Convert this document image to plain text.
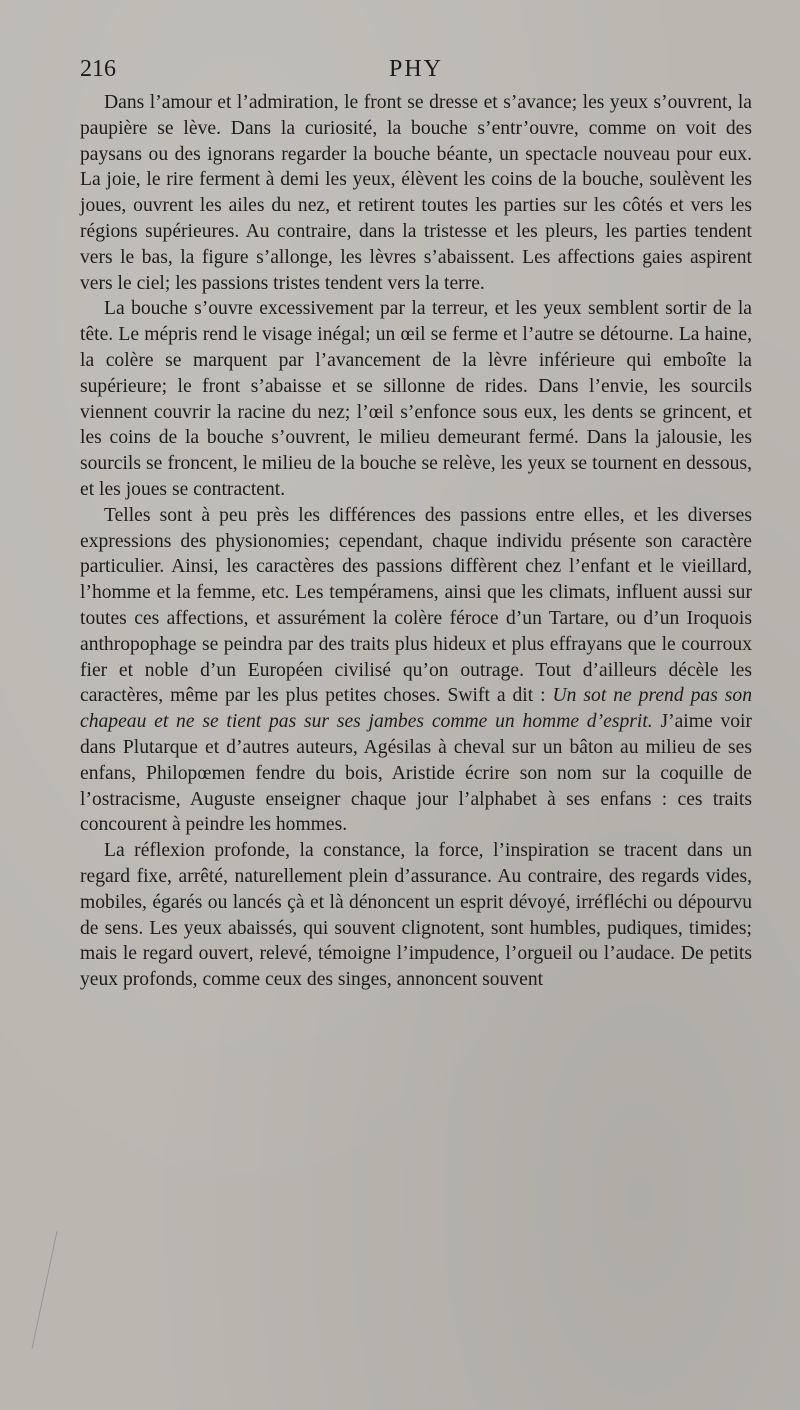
216	PHY

Dans l’amour et l’admiration, le front se dresse et s’avance; les yeux s’ouvrent, la paupière se lève. Dans la curiosité, la bouche s’entr’ouvre, comme on voit des paysans ou des ignorans regarder la bouche béante, un spectacle nouveau pour eux. La joie, le rire ferment à demi les yeux, élèvent les coins de la bouche, soulèvent les joues, ouvrent les ailes du nez, et retirent toutes les parties sur les côtés et vers les régions supérieures. Au contraire, dans la tristesse et les pleurs, les parties tendent vers le bas, la figure s’allonge, les lèvres s’abaissent. Les affections gaies aspirent vers le ciel; les passions tristes tendent vers la terre.

La bouche s’ouvre excessivement par la terreur, et les yeux semblent sortir de la tête. Le mépris rend le visage inégal; un œil se ferme et l’autre se détourne. La haine, la colère se marquent par l’avancement de la lèvre inférieure qui emboîte la supérieure; le front s’abaisse et se sillonne de rides. Dans l’envie, les sourcils viennent couvrir la racine du nez; l’œil s’enfonce sous eux, les dents se grincent, et les coins de la bouche s’ouvrent, le milieu demeurant fermé. Dans la jalousie, les sourcils se froncent, le milieu de la bouche se relève, les yeux se tournent en dessous, et les joues se contractent.

Telles sont à peu près les différences des passions entre elles, et les diverses expressions des physionomies; cependant, chaque individu présente son caractère particulier. Ainsi, les caractères des passions diffèrent chez l’enfant et le vieillard, l’homme et la femme, etc. Les tempéramens, ainsi que les climats, influent aussi sur toutes ces affections, et assurément la colère féroce d’un Tartare, ou d’un Iroquois anthropophage se peindra par des traits plus hideux et plus effrayans que le courroux fier et noble d’un Européen civilisé qu’on outrage. Tout d’ailleurs décèle les caractères, même par les plus petites choses. Swift a dit : Un sot ne prend pas son chapeau et ne se tient pas sur ses jambes comme un homme d’esprit. J’aime voir dans Plutarque et d’autres auteurs, Agésilas à cheval sur un bâton au milieu de ses enfans, Philopœmen fendre du bois, Aristide écrire son nom sur la coquille de l’ostracisme, Auguste enseigner chaque jour l’alphabet à ses enfans : ces traits concourent à peindre les hommes.

La réflexion profonde, la constance, la force, l’inspiration se tracent dans un regard fixe, arrêté, naturellement plein d’assurance. Au contraire, des regards vides, mobiles, égarés ou lancés çà et là dénoncent un esprit dévoyé, irréfléchi ou dépourvu de sens. Les yeux abaissés, qui souvent clignotent, sont humbles, pudiques, timides; mais le regard ouvert, relevé, témoigne l’impudence, l’orgueil ou l’audace. De petits yeux profonds, comme ceux des singes, annoncent souvent
